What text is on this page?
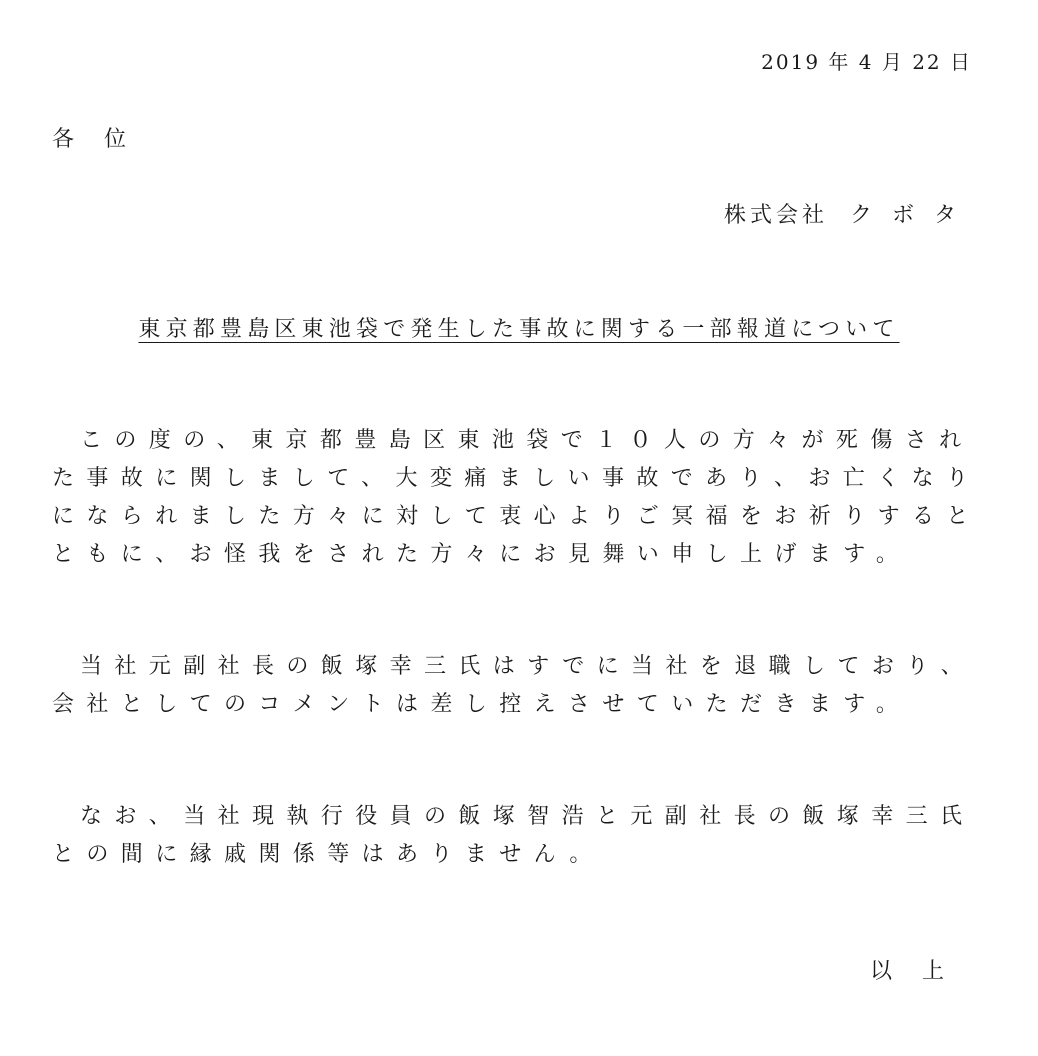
2019 年 4 月 22 日
各位
株式会社 クボタ
東京都豊島区東池袋で発生した事故に関する一部報道について
この度の、東京都豊島区東池袋で１０人の方々が死傷された事故に関しまして、大変痛ましい事故であり、お亡くなりになられました方々に対して衷心よりご冥福をお祈りするとともに、お怪我をされた方々にお見舞い申し上げます。
当社元副社長の飯塚幸三氏はすでに当社を退職しており、会社としてのコメントは差し控えさせていただきます。
なお、当社現執行役員の飯塚智浩と元副社長の飯塚幸三氏との間に縁戚関係等はありません。
以上
